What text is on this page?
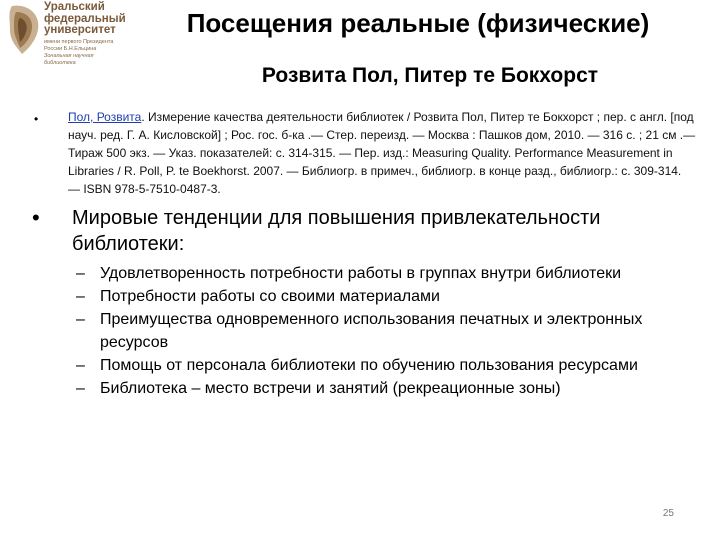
Уральский
федеральный
университет
имени первого Президента
России Б.Н.Ельцина
Зональная научная
библиотека
Посещения реальные (физические)
Розвита Пол, Питер те Бокхорст
• Пол, Розвита. Измерение качества деятельности библиотек / Розвита Пол, Питер те Бокхорст ; пер. с англ. [под науч. ред. Г. А. Кисловской] ; Рос. гос. б-ка .— Стер. переизд. — Москва : Пашков дом, 2010. — 316 с. ; 21 см .— Тираж 500 экз. — Указ. показателей: с. 314-315. — Пер. изд.: Measuring Quality. Performance Measurement in Libraries / R. Poll, P. te Boekhorst. 2007. — Библиогр. в примеч., библиогр. в конце разд., библиогр.: с. 309-314. — ISBN 978-5-7510-0487-3.
• Мировые тенденции для повышения привлекательности библиотеки:
– Удовлетворенность потребности работы в группах внутри библиотеки
– Потребности работы со своими материалами
– Преимущества одновременного использования печатных и электронных ресурсов
– Помощь от персонала библиотеки по обучению пользования ресурсами
– Библиотека – место встречи и занятий (рекреационные зоны)
25
